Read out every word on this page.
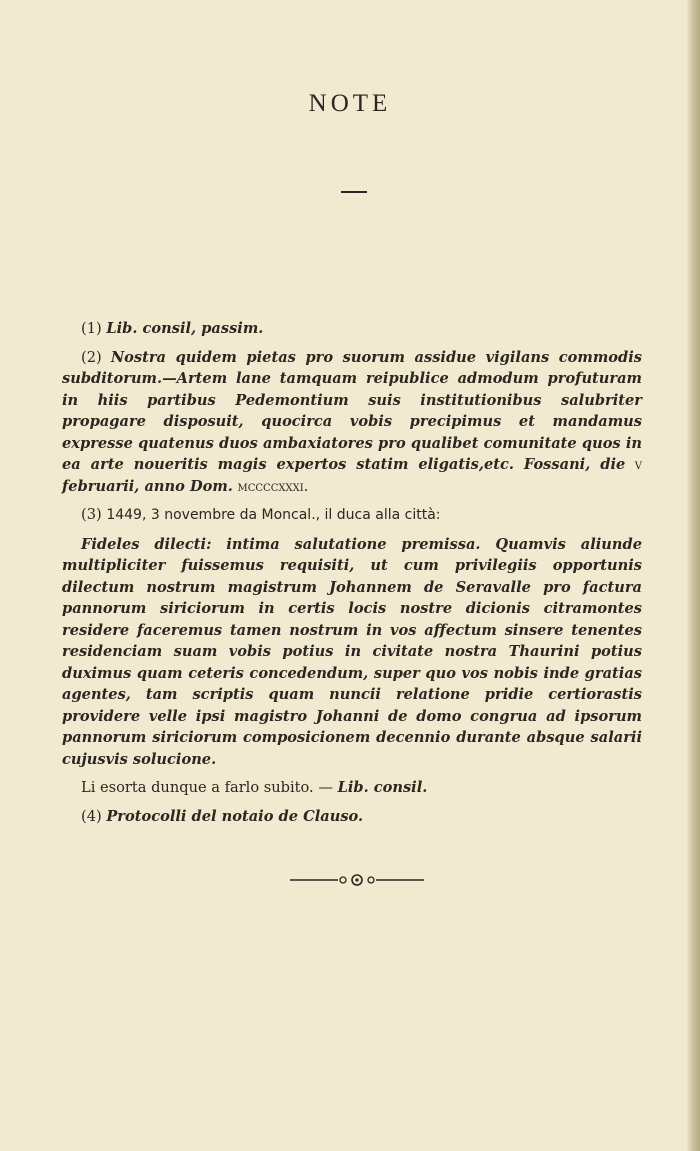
NOTE

(1) Lib. consil, passim.

(2) Nostra quidem pietas pro suorum assidue vigilans commodis subditorum.—Artem lane tamquam reipublice admodum profuturam in hiis partibus Pedemontium suis institutionibus salubriter propagare disposuit, quocirca vobis precipimus et mandamus expresse quatenus duos ambaxiatores pro qualibet comunitate quos in ea arte noueritis magis expertos statim eligatis,etc. Fossani, die v februarii, anno Dom. mccccxxxi.

(3) 1449, 3 novembre da Moncal., il duca alla città:

Fideles dilecti: intima salutatione premissa. Quamvis aliunde multipliciter fuissemus requisiti, ut cum privilegiis opportunis dilectum nostrum magistrum Johannem de Seravalle pro factura pannorum siriciorum in certis locis nostre dicionis citramontes residere faceremus tamen nostrum in vos affectum sinsere tenentes residenciam suam vobis potius in civitate nostra Thaurini potius duximus quam ceteris concedendum, super quo vos nobis inde gratias agentes, tam scriptis quam nuncii relatione pridie certiorastis providere velle ipsi magistro Johanni de domo congrua ad ipsorum pannorum siriciorum composicionem decennio durante absque salarii cujusvis solucione.

Li esorta dunque a farlo subito. — Lib. consil.

(4) Protocolli del notaio de Clauso.
